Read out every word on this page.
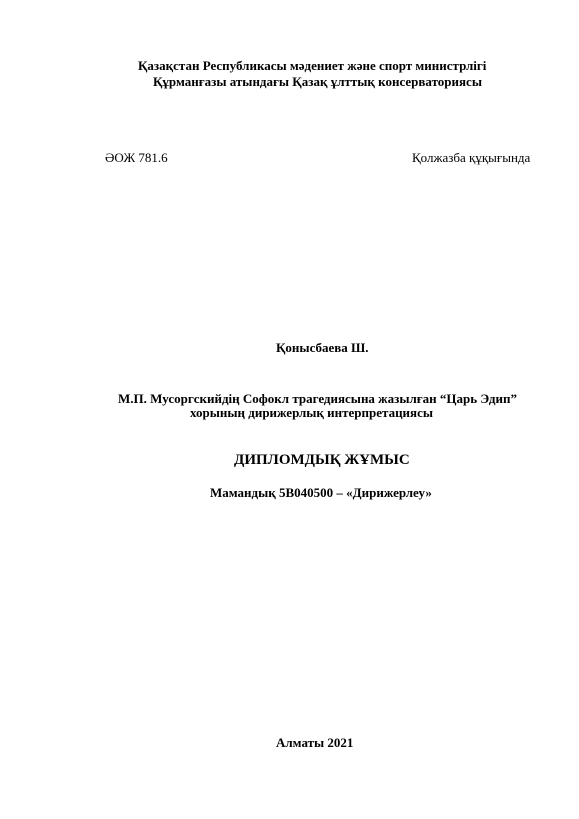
Қазақстан Республикасы мәдениет және спорт министрлігі
Құрманғазы атындағы Қазақ ұлттық консерваториясы
ӘОЖ 781.6	Қолжазба құқығында
Қонысбаева Ш.
М.П. Мусоргскийдің Софокл трагедиясына жазылған “Царь Эдип”
хорының дирижерлық интерпретациясы
ДИПЛОМДЫҚ ЖҰМЫС
Мамандық 5В040500 – «Дирижерлеу»
Алматы 2021
